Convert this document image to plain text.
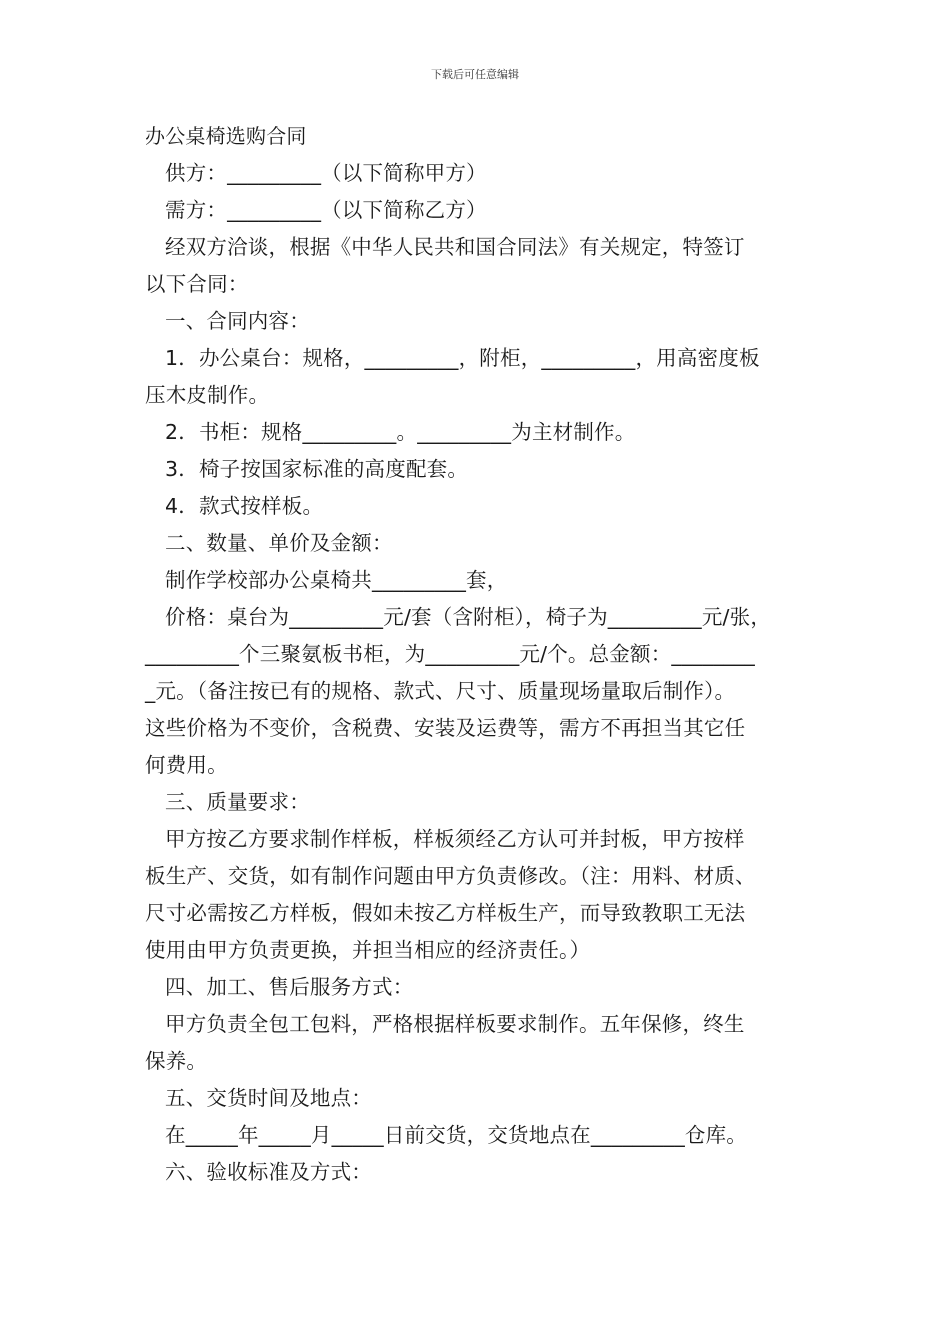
下载后可任意编辑
办公桌椅选购合同
供方：_________（以下简称甲方）
需方：_________（以下简称乙方）
经双方洽谈，根据《中华人民共和国合同法》有关规定，特签订
以下合同：
一、合同内容：
1．办公桌台：规格，_________，附柜，_________，用高密度板
压木皮制作。
2．书柜：规格_________。_________为主材制作。
3．椅子按国家标准的高度配套。
4．款式按样板。
二、数量、单价及金额：
制作学校部办公桌椅共_________套，
价格：桌台为_________元/套（含附柜），椅子为_________元/张，
_________个三聚氨板书柜，为_________元/个。总金额：________
_元。（备注按已有的规格、款式、尺寸、质量现场量取后制作）。
这些价格为不变价，含税费、安装及运费等，需方不再担当其它任
何费用。
三、质量要求：
甲方按乙方要求制作样板，样板须经乙方认可并封板，甲方按样
板生产、交货，如有制作问题由甲方负责修改。（注：用料、材质、
尺寸必需按乙方样板，假如未按乙方样板生产，而导致教职工无法
使用由甲方负责更换，并担当相应的经济责任。）
四、加工、售后服务方式：
甲方负责全包工包料，严格根据样板要求制作。五年保修，终生
保养。
五、交货时间及地点：
在_____年_____月_____日前交货，交货地点在_________仓库。
六、验收标准及方式：
